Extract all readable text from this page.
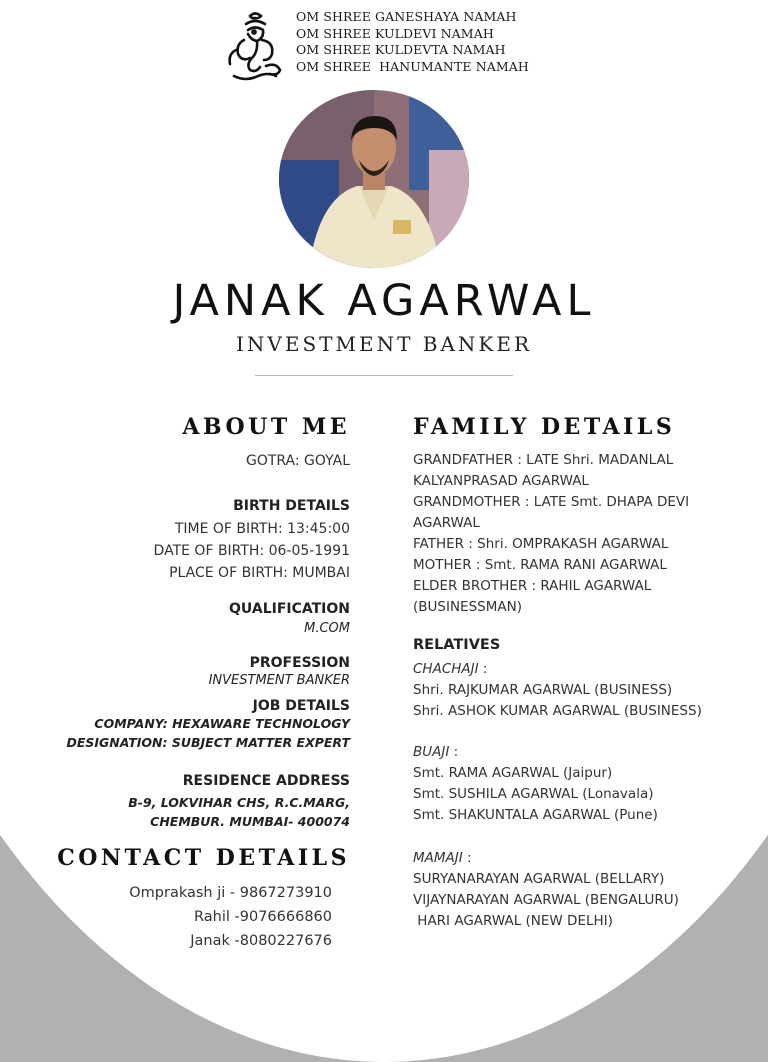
OM SHREE GANESHAYA NAMAH
OM SHREE KULDEVI NAMAH
OM SHREE KULDEVTA NAMAH
OM SHREE  HANUMANTE NAMAH
JANAK AGARWAL
INVESTMENT BANKER
ABOUT ME
GOTRA: GOYAL
BIRTH DETAILS
TIME OF BIRTH: 13:45:00
DATE OF BIRTH: 06-05-1991
PLACE OF BIRTH: MUMBAI
QUALIFICATION
M.COM
PROFESSION
INVESTMENT BANKER
JOB DETAILS
COMPANY: HEXAWARE TECHNOLOGY
DESIGNATION: SUBJECT MATTER EXPERT
RESIDENCE ADDRESS
B-9, LOKVIHAR CHS, R.C.MARG,
CHEMBUR. MUMBAI- 400074
CONTACT DETAILS
Omprakash ji - 9867273910
Rahil -9076666860
Janak -8080227676
FAMILY DETAILS
GRANDFATHER : LATE Shri. MADANLAL
KALYANPRASAD AGARWAL
GRANDMOTHER : LATE Smt. DHAPA DEVI
AGARWAL
FATHER : Shri. OMPRAKASH AGARWAL
MOTHER : Smt. RAMA RANI AGARWAL
ELDER BROTHER : RAHIL AGARWAL
(BUSINESSMAN)
RELATIVES
CHACHAJI :
Shri. RAJKUMAR AGARWAL (BUSINESS)
Shri. ASHOK KUMAR AGARWAL (BUSINESS)
BUAJI :
Smt. RAMA AGARWAL (Jaipur)
Smt. SUSHILA AGARWAL (Lonavala)
Smt. SHAKUNTALA AGARWAL (Pune)
MAMAJI :
SURYANARAYAN AGARWAL (BELLARY)
VIJAYNARAYAN AGARWAL (BENGALURU)
HARI AGARWAL (NEW DELHI)
